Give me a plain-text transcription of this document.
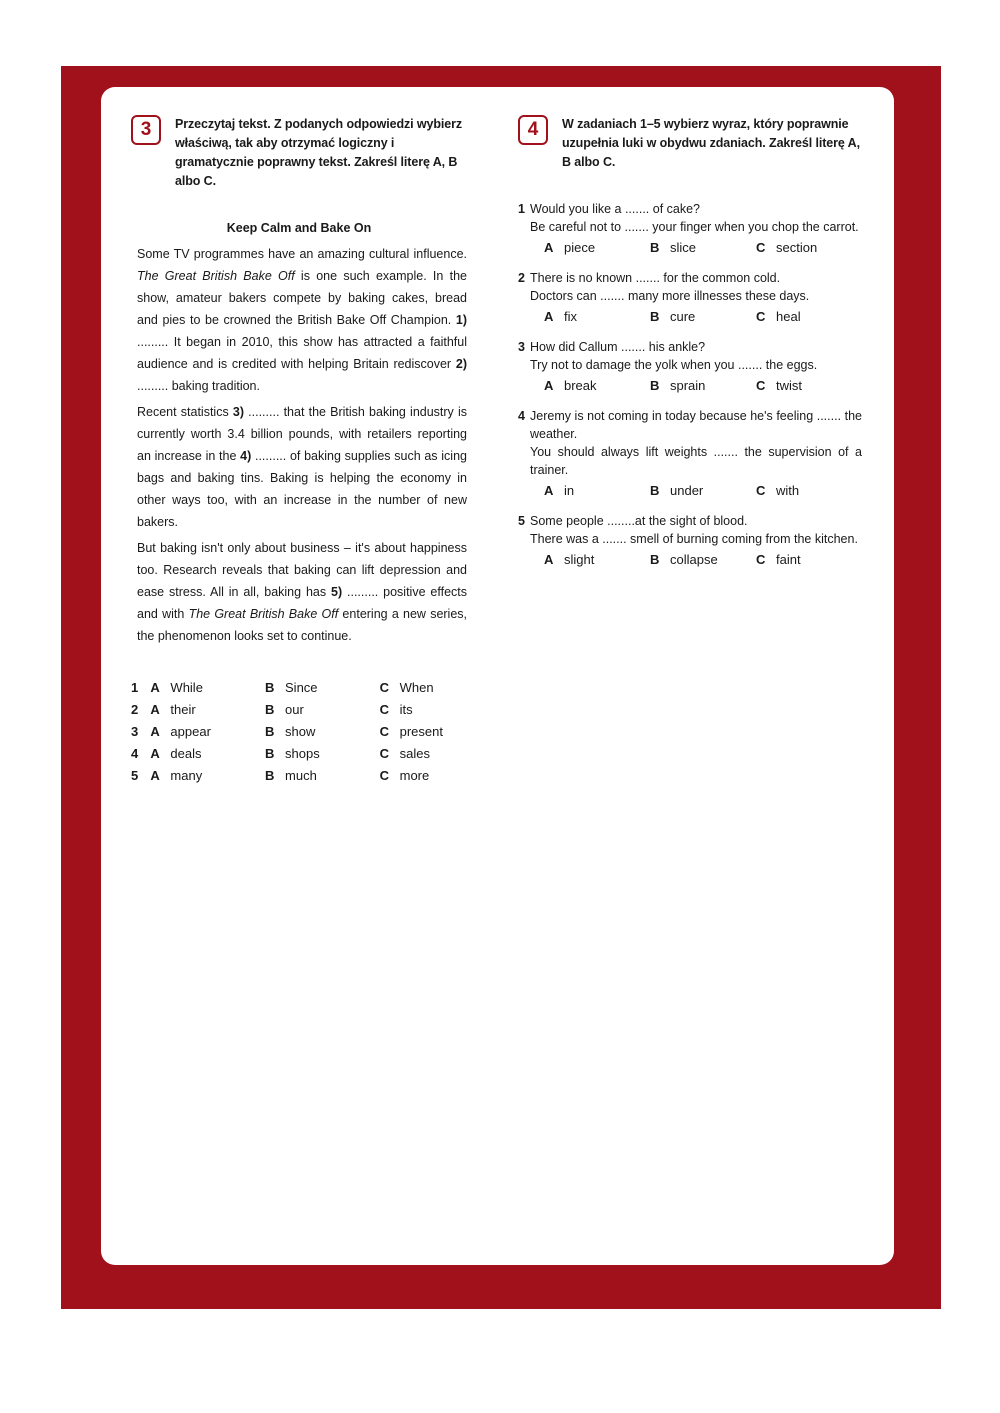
3	Przeczytaj tekst. Z podanych odpowiedzi wybierz właściwą, tak aby otrzymać logiczny i gramatycznie poprawny tekst. Zakreśl literę A, B albo C.

Keep Calm and Bake On

Some TV programmes have an amazing cultural influence. The Great British Bake Off is one such example. In the show, amateur bakers compete by baking cakes, bread and pies to be crowned the British Bake Off Champion. 1) ......... It began in 2010, this show has attracted a faithful audience and is credited with helping Britain rediscover 2) ......... baking tradition.

Recent statistics 3) ......... that the British baking industry is currently worth 3.4 billion pounds, with retailers reporting an increase in the 4) ......... of baking supplies such as icing bags and baking tins. Baking is helping the economy in other ways too, with an increase in the number of new bakers.

But baking isn't only about business – it's about happiness too. Research reveals that baking can lift depression and ease stress. All in all, baking has 5) ......... positive effects and with The Great British Bake Off entering a new series, the phenomenon looks set to continue.

1 A While	B Since	C When
2 A their	B our	C its
3 A appear	B show	C present
4 A deals	B shops	C sales
5 A many	B much	C more
4	W zadaniach 1–5 wybierz wyraz, który poprawnie uzupełnia luki w obydwu zdaniach. Zakreśl literę A, B albo C.

1 Would you like a ....... of cake?
Be careful not to ....... your finger when you chop the carrot.
A piece	B slice	C section
2 There is no known ....... for the common cold.
Doctors can ....... many more illnesses these days.
A fix	B cure	C heal
3 How did Callum ....... his ankle?
Try not to damage the yolk when you ....... the eggs.
A break	B sprain	C twist
4 Jeremy is not coming in today because he's feeling ....... the weather.
You should always lift weights ....... the supervision of a trainer.
A in	B under	C with
5 Some people ........at the sight of blood.
There was a ....... smell of burning coming from the kitchen.
A slight	B collapse	C faint
